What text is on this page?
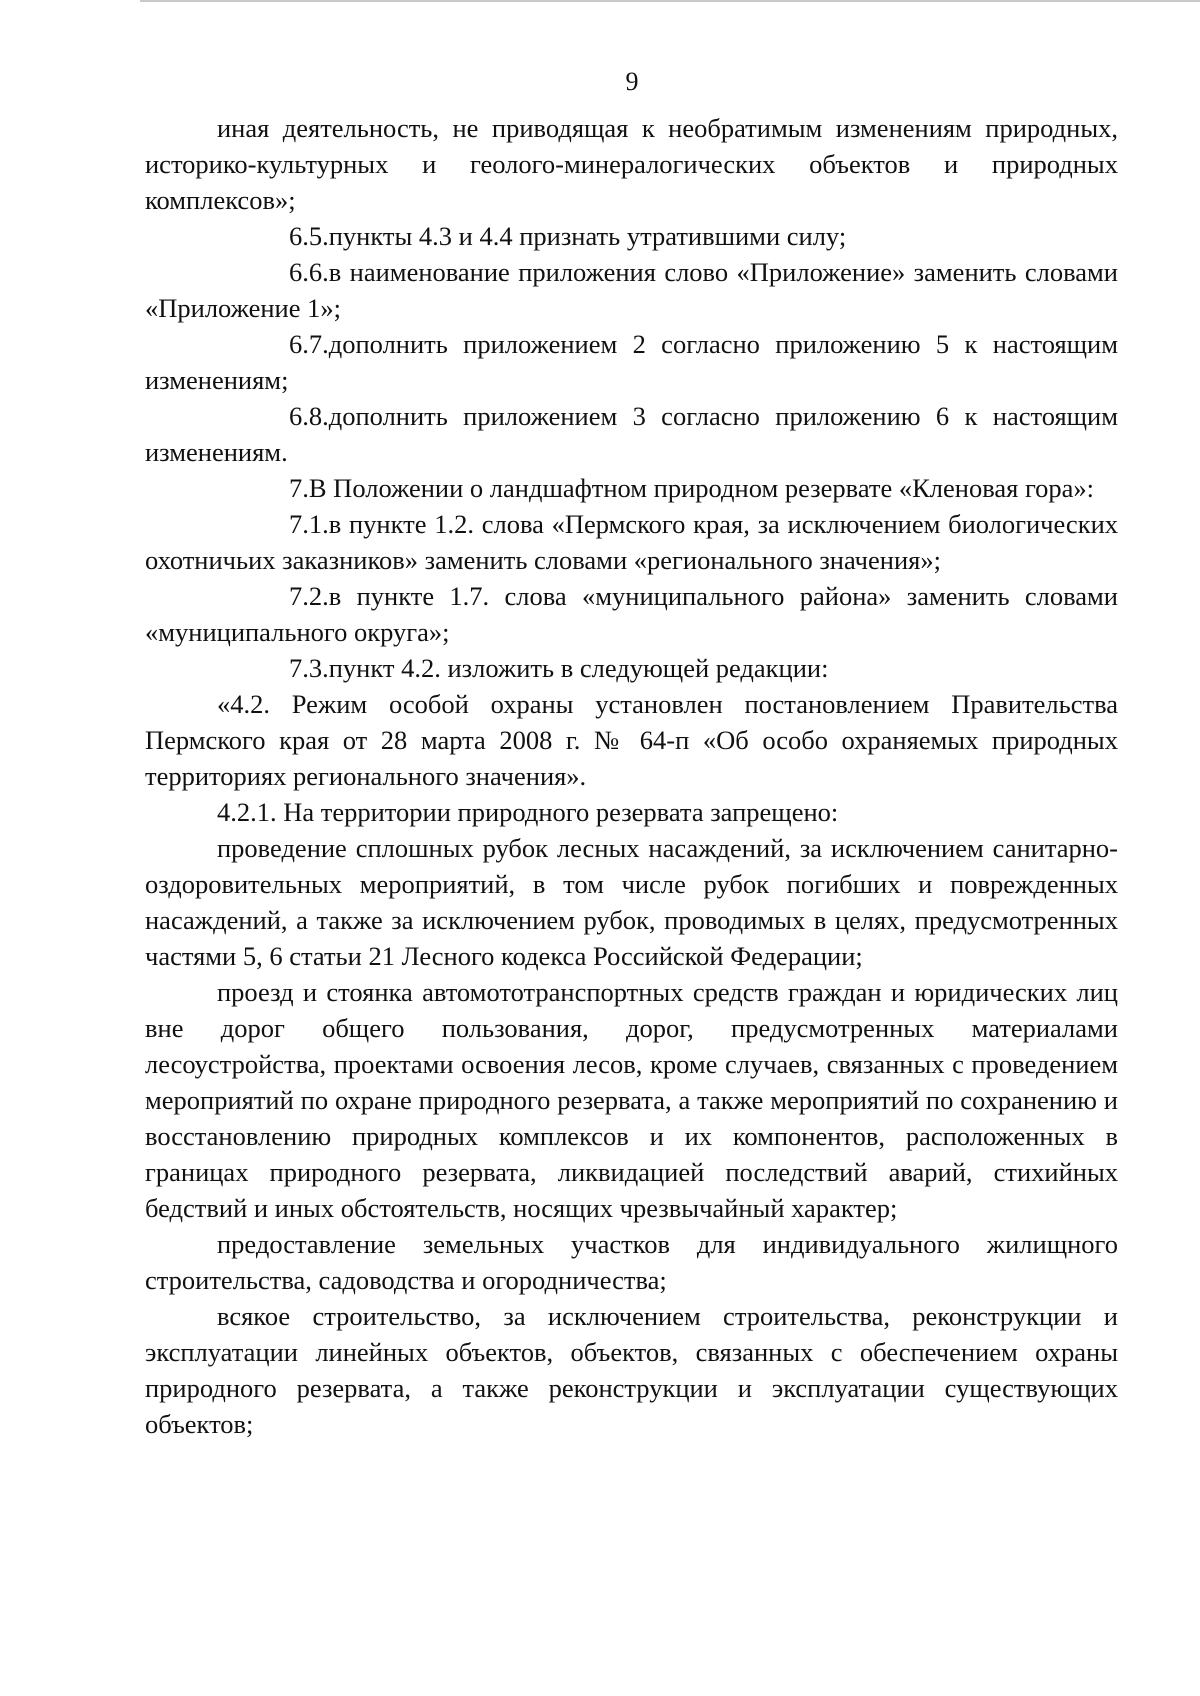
9

иная деятельность, не приводящая к необратимым изменениям природных, историко-культурных и геолого-минералогических объектов и природных комплексов»;

6.5.пункты 4.3 и 4.4 признать утратившими силу;

6.6.в наименование приложения слово «Приложение» заменить словами «Приложение 1»;

6.7.дополнить приложением 2 согласно приложению 5 к настоящим изменениям;

6.8.дополнить приложением 3 согласно приложению 6 к настоящим изменениям.

7.В Положении о ландшафтном природном резервате «Кленовая гора»:

7.1.в пункте 1.2. слова «Пермского края, за исключением биологических охотничьих заказников» заменить словами «регионального значения»;

7.2.в пункте 1.7. слова «муниципального района» заменить словами «муниципального округа»;

7.3.пункт 4.2. изложить в следующей редакции:

«4.2. Режим особой охраны установлен постановлением Правительства Пермского края от 28 марта 2008 г. № 64-п «Об особо охраняемых природных территориях регионального значения».

4.2.1. На территории природного резервата запрещено:

проведение сплошных рубок лесных насаждений, за исключением санитарно-оздоровительных мероприятий, в том числе рубок погибших и поврежденных насаждений, а также за исключением рубок, проводимых в целях, предусмотренных частями 5, 6 статьи 21 Лесного кодекса Российской Федерации;

проезд и стоянка автомототранспортных средств граждан и юридических лиц вне дорог общего пользования, дорог, предусмотренных материалами лесоустройства, проектами освоения лесов, кроме случаев, связанных с проведением мероприятий по охране природного резервата, а также мероприятий по сохранению и восстановлению природных комплексов и их компонентов, расположенных в границах природного резервата, ликвидацией последствий аварий, стихийных бедствий и иных обстоятельств, носящих чрезвычайный характер;

предоставление земельных участков для индивидуального жилищного строительства, садоводства и огородничества;

всякое строительство, за исключением строительства, реконструкции и эксплуатации линейных объектов, объектов, связанных с обеспечением охраны природного резервата, а также реконструкции и эксплуатации существующих объектов;
